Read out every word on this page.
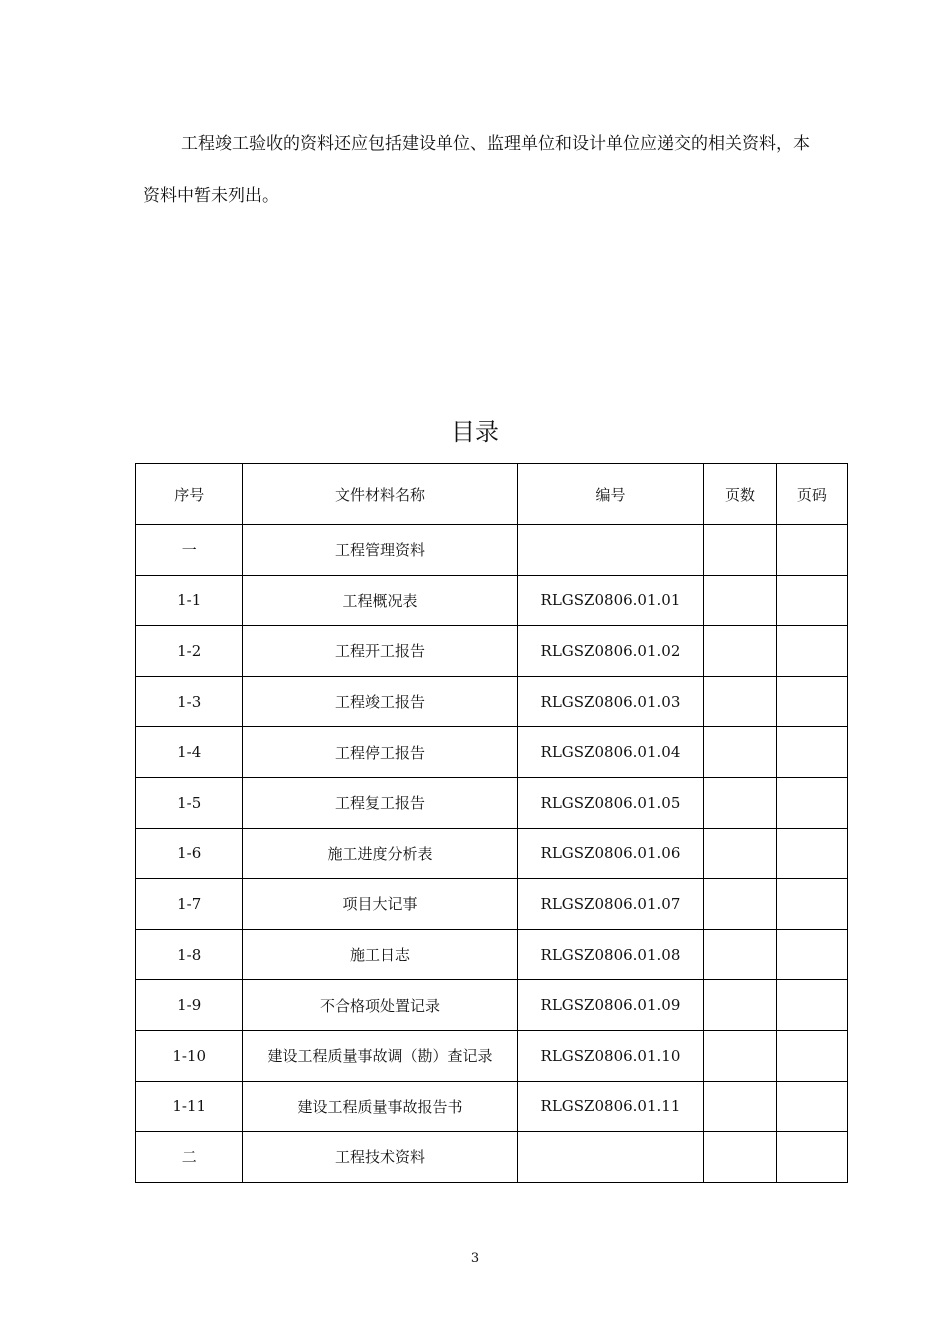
工程竣工验收的资料还应包括建设单位、监理单位和设计单位应递交的相关资料，本资料中暂未列出。

目录
序号	文件材料名称	编号	页数	页码
一	工程管理资料			
1-1	工程概况表	RLGSZ0806.01.01		
1-2	工程开工报告	RLGSZ0806.01.02		
1-3	工程竣工报告	RLGSZ0806.01.03		
1-4	工程停工报告	RLGSZ0806.01.04		
1-5	工程复工报告	RLGSZ0806.01.05		
1-6	施工进度分析表	RLGSZ0806.01.06		
1-7	项目大记事	RLGSZ0806.01.07		
1-8	施工日志	RLGSZ0806.01.08		
1-9	不合格项处置记录	RLGSZ0806.01.09		
1-10	建设工程质量事故调（勘）查记录	RLGSZ0806.01.10		
1-11	建设工程质量事故报告书	RLGSZ0806.01.11		
二	工程技术资料			
3
